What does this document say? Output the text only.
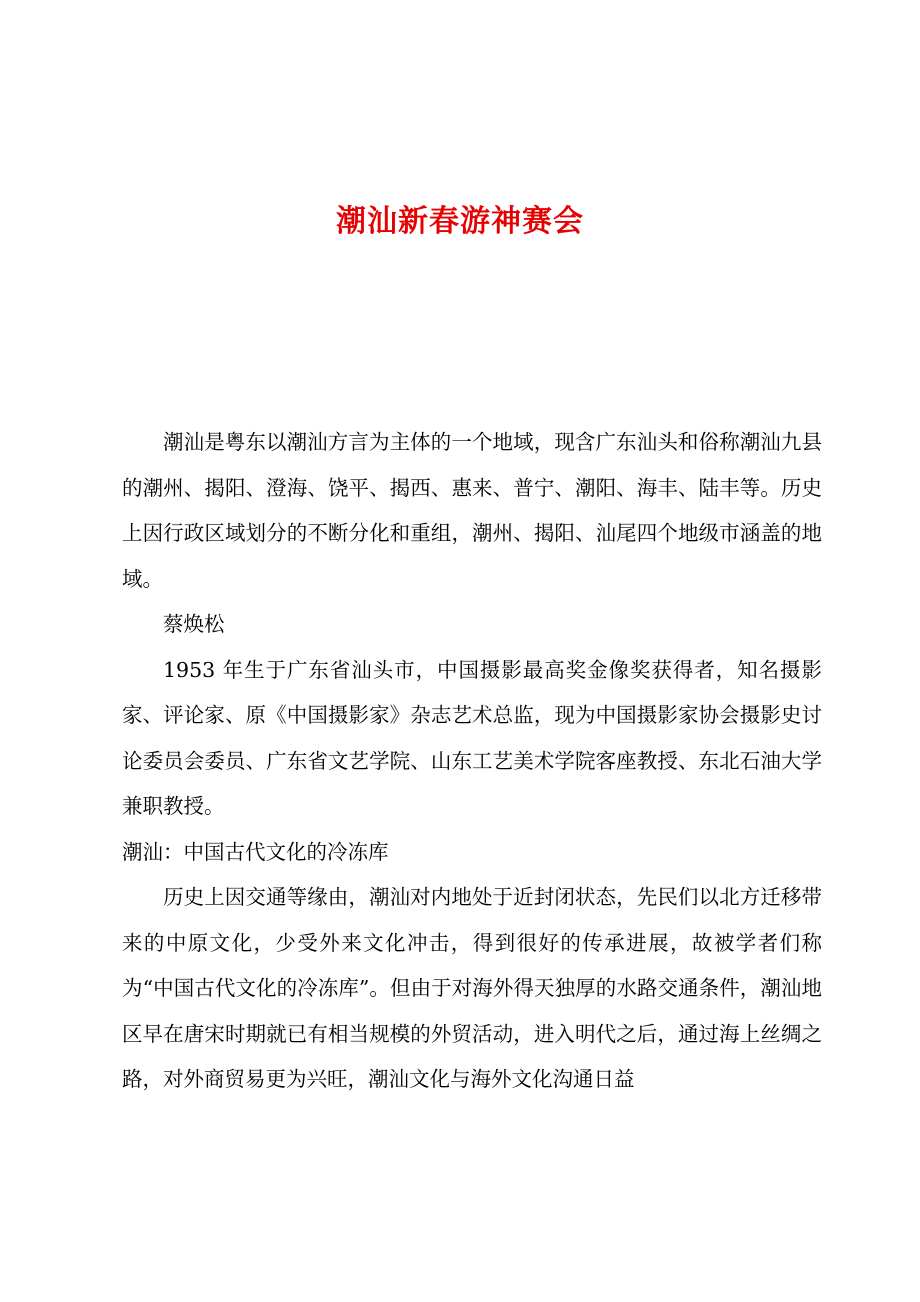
潮汕新春游神赛会

潮汕是粤东以潮汕方言为主体的一个地域，现含广东汕头和俗称潮汕九县的潮州、揭阳、澄海、饶平、揭西、惠来、普宁、潮阳、海丰、陆丰等。历史上因行政区域划分的不断分化和重组，潮州、揭阳、汕尾四个地级市涵盖的地域。

蔡焕松

1953 年生于广东省汕头市，中国摄影最高奖金像奖获得者，知名摄影家、评论家、原《中国摄影家》杂志艺术总监，现为中国摄影家协会摄影史讨论委员会委员、广东省文艺学院、山东工艺美术学院客座教授、东北石油大学兼职教授。

潮汕：中国古代文化的冷冻库

历史上因交通等缘由，潮汕对内地处于近封闭状态，先民们以北方迁移带来的中原文化，少受外来文化冲击，得到很好的传承进展，故被学者们称为“中国古代文化的冷冻库”。但由于对海外得天独厚的水路交通条件，潮汕地区早在唐宋时期就已有相当规模的外贸活动，进入明代之后，通过海上丝绸之路，对外商贸易更为兴旺，潮汕文化与海外文化沟通日益
